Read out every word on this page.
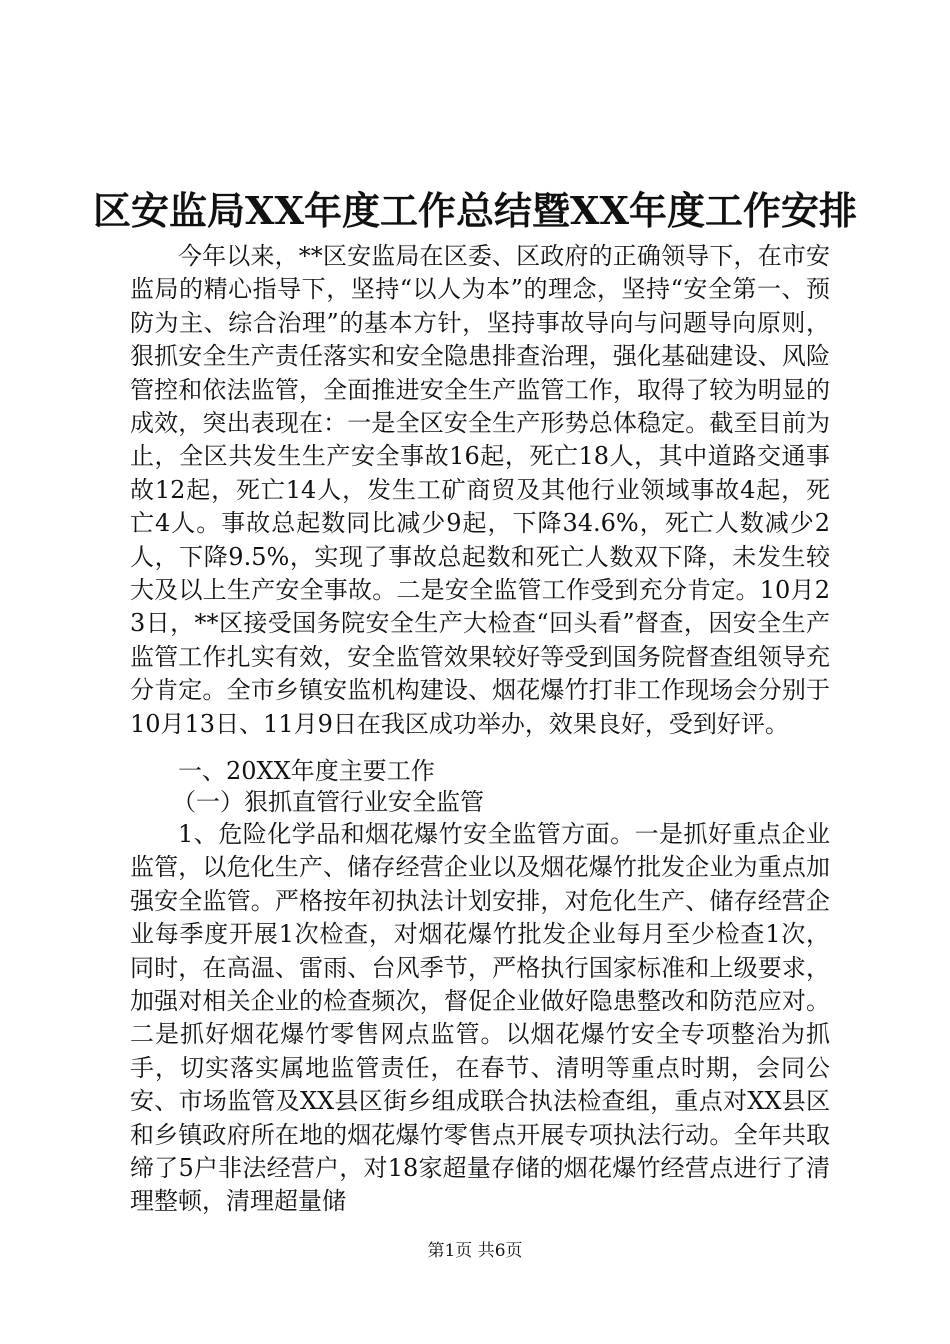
区安监局XX年度工作总结暨XX年度工作安排
今年以来，**区安监局在区委、区政府的正确领导下，在市安监局的精心指导下，坚持“以人为本”的理念，坚持“安全第一、预防为主、综合治理”的基本方针，坚持事故导向与问题导向原则，狠抓安全生产责任落实和安全隐患排查治理，强化基础建设、风险管控和依法监管，全面推进安全生产监管工作，取得了较为明显的成效，突出表现在：一是全区安全生产形势总体稳定。截至目前为止，全区共发生生产安全事故16起，死亡18人，其中道路交通事故12起，死亡14人，发生工矿商贸及其他行业领域事故4起，死亡4人。事故总起数同比减少9起，下降34.6%，死亡人数减少2人，下降9.5%，实现了事故总起数和死亡人数双下降，未发生较大及以上生产安全事故。二是安全监管工作受到充分肯定。10月23日，**区接受国务院安全生产大检查“回头看”督查，因安全生产监管工作扎实有效，安全监管效果较好等受到国务院督查组领导充分肯定。全市乡镇安监机构建设、烟花爆竹打非工作现场会分别于10月13日、11月9日在我区成功举办，效果良好，受到好评。
一、20XX年度主要工作
（一）狠抓直管行业安全监管
1、危险化学品和烟花爆竹安全监管方面。一是抓好重点企业监管，以危化生产、储存经营企业以及烟花爆竹批发企业为重点加强安全监管。严格按年初执法计划安排，对危化生产、储存经营企业每季度开展1次检查，对烟花爆竹批发企业每月至少检查1次，同时，在高温、雷雨、台风季节，严格执行国家标准和上级要求，加强对相关企业的检查频次，督促企业做好隐患整改和防范应对。二是抓好烟花爆竹零售网点监管。以烟花爆竹安全专项整治为抓手，切实落实属地监管责任，在春节、清明等重点时期，会同公安、市场监管及XX县区街乡组成联合执法检查组，重点对XX县区和乡镇政府所在地的烟花爆竹零售点开展专项执法行动。全年共取缔了5户非法经营户，对18家超量存储的烟花爆竹经营点进行了清理整顿，清理超量储
第1页 共6页
